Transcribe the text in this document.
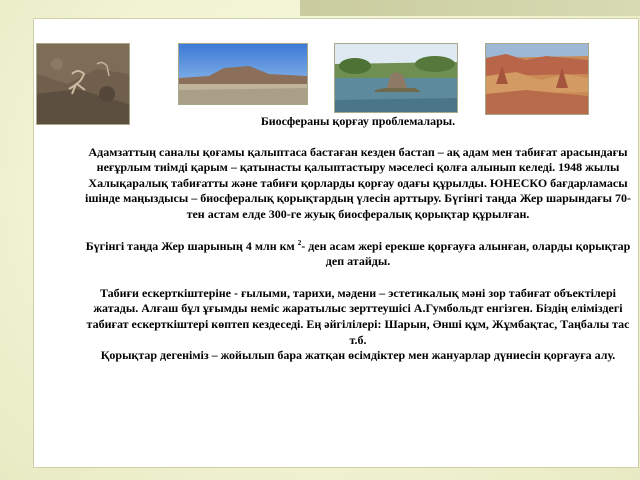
Биосфераны қорғау проблемалары.

Адамзаттың саналы қоғамы қалыптаса бастаған кезден бастап – ақ адам мен табиғат арасындағы неғұрлым тиімді қарым – қатынасты қалыптастыру мәселесі қолға алынып келеді. 1948 жылы Халықаралық табиғатты және табиғи қорларды қорғау одағы құрылды. ЮНЕСКО бағдарламасы ішінде маңыздысы – биосфералық қорықтардың үлесін арттыру. Бүгінгі таңда Жер шарындағы 70-тен астам елде 300-ге жуық биосфералық қорықтар құрылған.

Бүгінгі таңда Жер шарының 4 млн км $^2$- ден асам жері ерекше қорғауға алынған, оларды қорықтар деп атайды.

Табиғи ескерткіштеріне - ғылыми, тарихи, мәдени – эстетикалық мәні зор табиғат объектілері жатады. Алғаш бұл ұғымды неміс жаратылыс зерттеушісі А.Гумбольдт енгізген. Біздің еліміздегі табиғат ескерткіштері көптеп кездеседі. Ең әйгілілері: Шарын, Әнші құм, Жұмбақтас, Таңбалы тас т.б.

Қорықтар дегеніміз – жойылып бара жатқан өсімдіктер мен жануарлар дүниесін қорғауға алу.
